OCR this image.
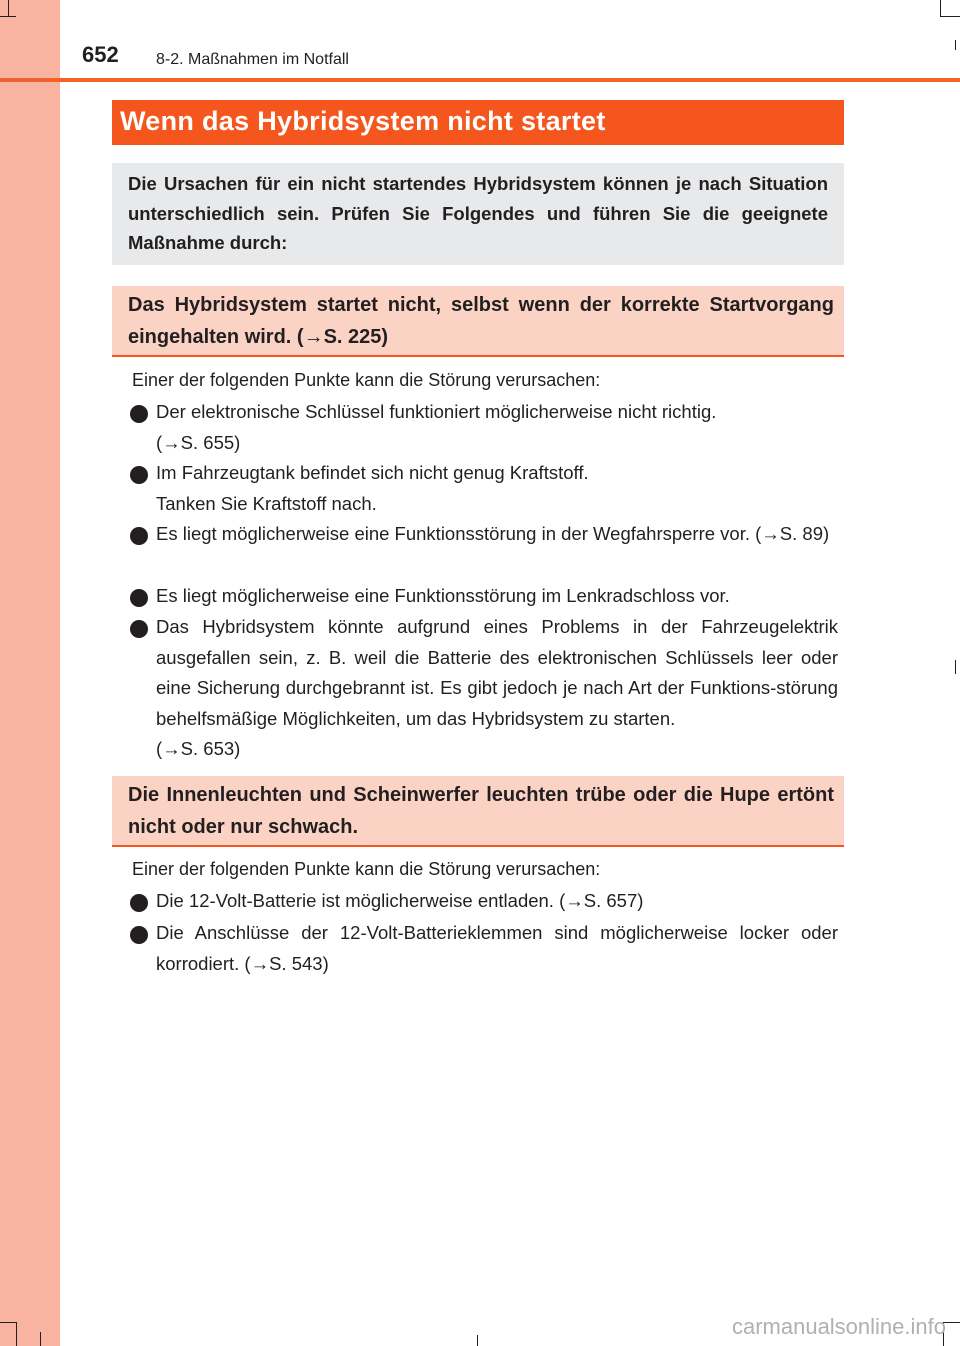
652 8-2. Maßnahmen im Notfall
Wenn das Hybridsystem nicht startet
Die Ursachen für ein nicht startendes Hybridsystem können je nach Situation unterschiedlich sein. Prüfen Sie Folgendes und führen Sie die geeignete Maßnahme durch:
Das Hybridsystem startet nicht, selbst wenn der korrekte Startvorgang eingehalten wird. (→S. 225)
Einer der folgenden Punkte kann die Störung verursachen:
Der elektronische Schlüssel funktioniert möglicherweise nicht richtig.
(→S. 655)
Im Fahrzeugtank befindet sich nicht genug Kraftstoff.
Tanken Sie Kraftstoff nach.
Es liegt möglicherweise eine Funktionsstörung in der Wegfahrsperre vor. (→S. 89)
Es liegt möglicherweise eine Funktionsstörung im Lenkradschloss vor.
Das Hybridsystem könnte aufgrund eines Problems in der Fahrzeugelektrik ausgefallen sein, z. B. weil die Batterie des elektronischen Schlüssels leer oder eine Sicherung durchgebrannt ist. Es gibt jedoch je nach Art der Funktions-störung behelfsmäßige Möglichkeiten, um das Hybridsystem zu starten.
(→S. 653)
Die Innenleuchten und Scheinwerfer leuchten trübe oder die Hupe ertönt nicht oder nur schwach.
Einer der folgenden Punkte kann die Störung verursachen:
Die 12-Volt-Batterie ist möglicherweise entladen. (→S. 657)
Die Anschlüsse der 12-Volt-Batterieklemmen sind möglicherweise locker oder korrodiert. (→S. 543)
carmanualsonline.info
